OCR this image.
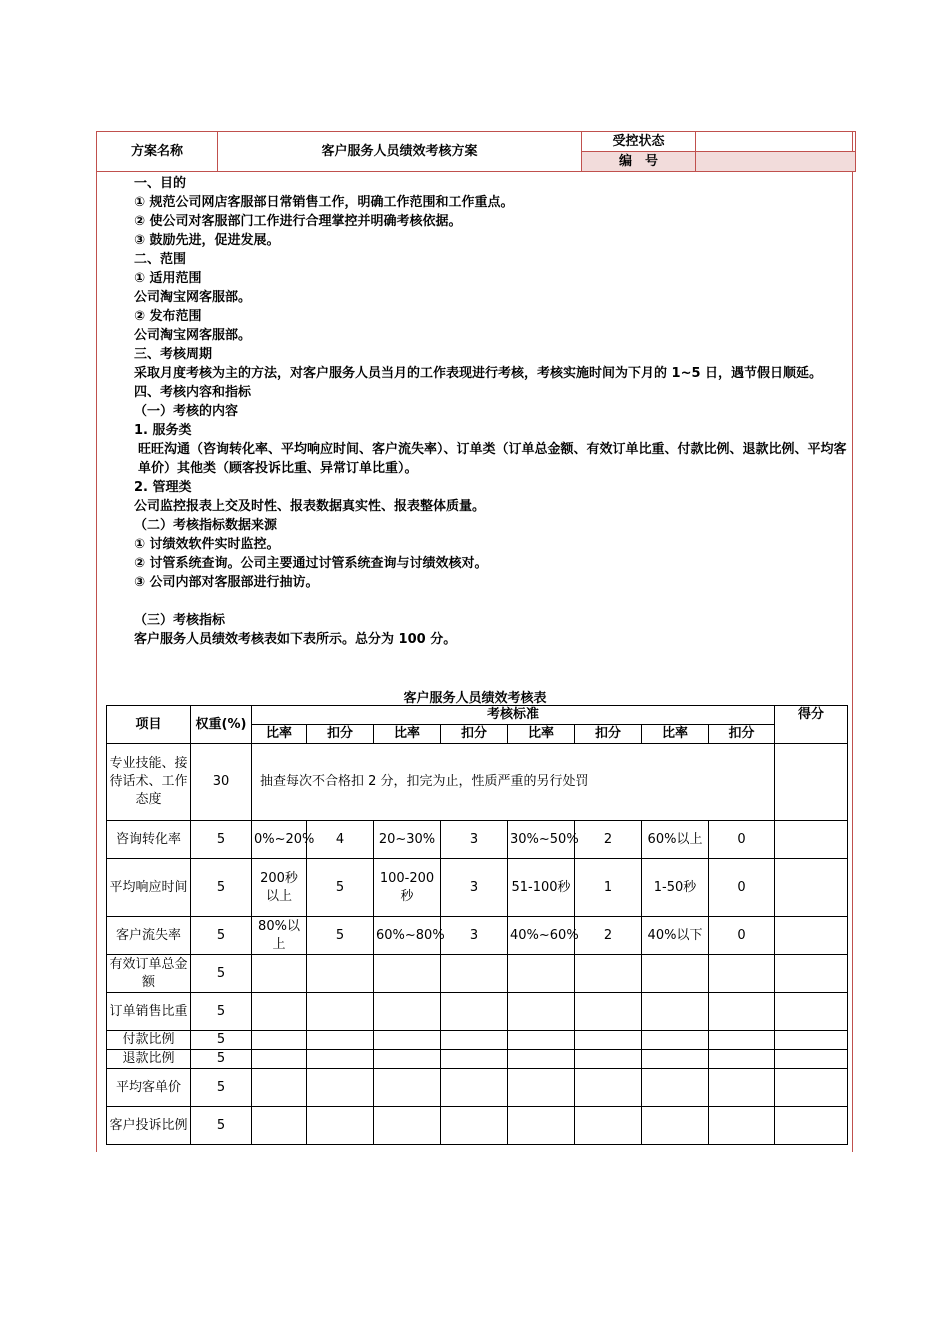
方案名称	客户服务人员绩效考核方案	受控状态	
		编　号	
一、目的
① 规范公司网店客服部日常销售工作，明确工作范围和工作重点。
② 使公司对客服部门工作进行合理掌控并明确考核依据。
③ 鼓励先进，促进发展。
二、范围
① 适用范围
公司淘宝网客服部。
② 发布范围
公司淘宝网客服部。
三、考核周期
采取月度考核为主的方法，对客户服务人员当月的工作表现进行考核，考核实施时间为下月的 1~5 日，遇节假日顺延。
四、考核内容和指标
（一）考核的内容
1. 服务类
旺旺沟通（咨询转化率、平均响应时间、客户流失率）、订单类（订单总金额、有效订单比重、付款比例、退款比例、平均客单价）其他类（顾客投诉比重、异常订单比重）。
2. 管理类
公司监控报表上交及时性、报表数据真实性、报表整体质量。
（二）考核指标数据来源
① 讨绩效软件实时监控。
② 讨管系统查询。公司主要通过讨管系统查询与讨绩效核对。
③ 公司内部对客服部进行抽访。
（三）考核指标
客户服务人员绩效考核表如下表所示。总分为 100 分。
客户服务人员绩效考核表
项目	权重(%)	考核标准								得分
		比率	扣分	比率	扣分	比率	扣分	比率	扣分	
专业技能、接待话术、工作态度	30	抽查每次不合格扣 2 分，扣完为止，性质严重的另行处罚								
咨询转化率	5	0%~20%	4	20~30%	3	30%~50%	2	60%以上	0	
平均响应时间	5	200秒以上	5	100-200秒	3	51-100秒	1	1-50秒	0	
客户流失率	5	80%以上	5	60%~80%	3	40%~60%	2	40%以下	0	
有效订单总金额	5									
订单销售比重	5									
付款比例	5									
退款比例	5									
平均客单价	5									
客户投诉比例	5									
